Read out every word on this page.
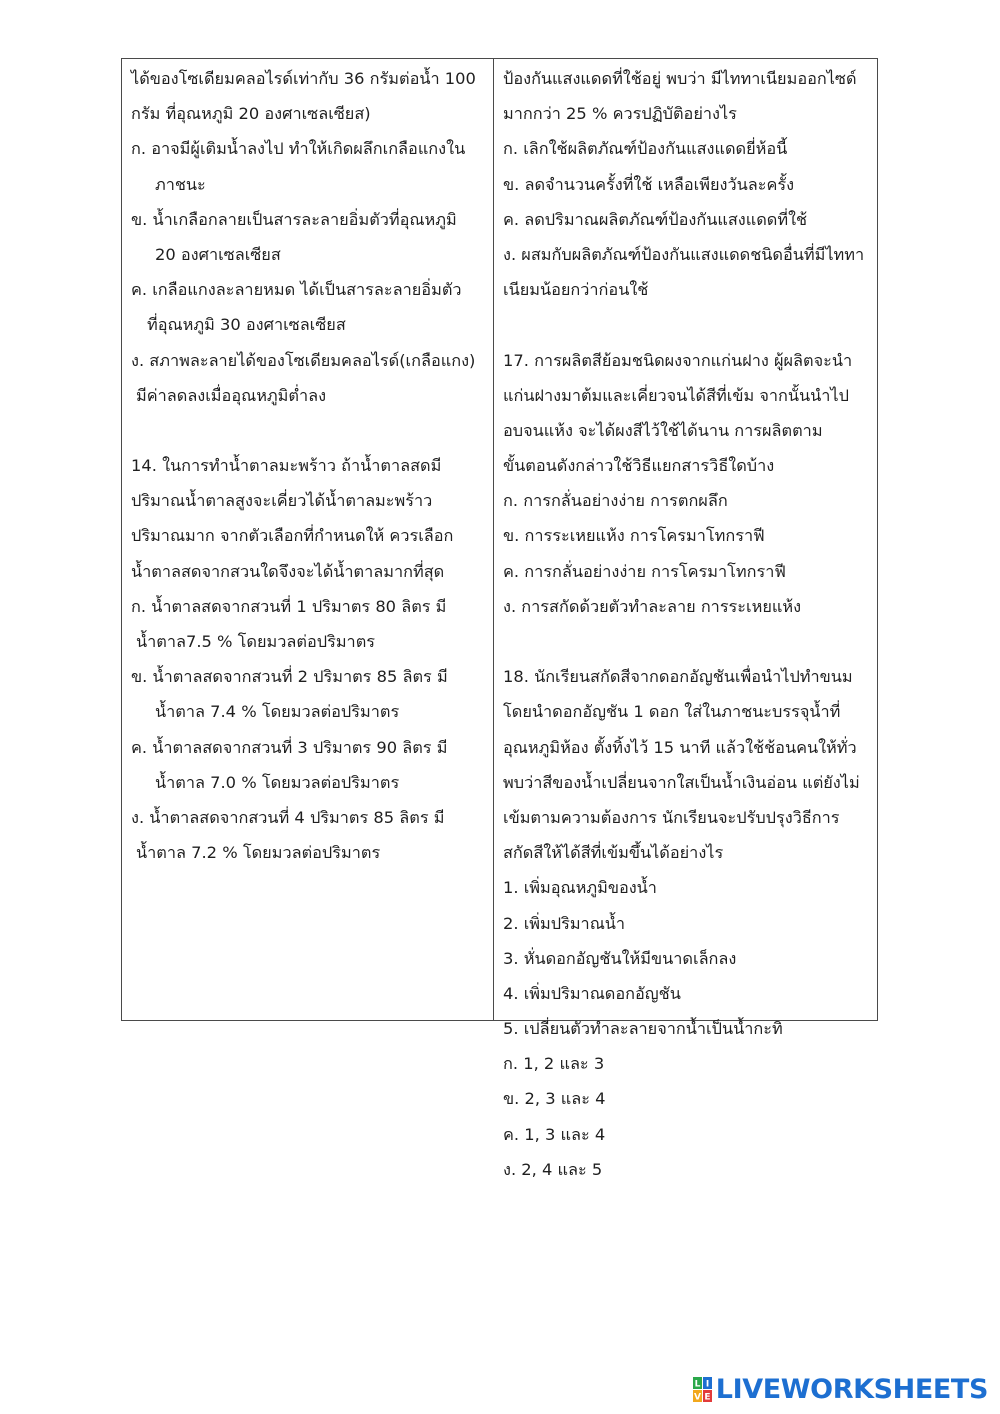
ได้ของโซเดียมคลอไรด์เท่ากับ 36 กรัมต่อน้ำ 100
กรัม ที่อุณหภูมิ 20 องศาเซลเซียส)
ก. อาจมีผู้เติมน้ำลงไป ทำให้เกิดผลึกเกลือแกงใน
ภาชนะ
ข. น้ำเกลือกลายเป็นสารละลายอิ่มตัวที่อุณหภูมิ
20 องศาเซลเซียส
ค. เกลือแกงละลายหมด ได้เป็นสารละลายอิ่มตัว
ที่อุณหภูมิ 30 องศาเซลเซียส
ง. สภาพละลายได้ของโซเดียมคลอไรด์(เกลือแกง)
มีค่าลดลงเมื่ออุณหภูมิต่ำลง
14. ในการทำน้ำตาลมะพร้าว ถ้าน้ำตาลสดมี
ปริมาณน้ำตาลสูงจะเคี่ยวได้น้ำตาลมะพร้าว
ปริมาณมาก จากตัวเลือกที่กำหนดให้ ควรเลือก
น้ำตาลสดจากสวนใดจึงจะได้น้ำตาลมากที่สุด
ก. น้ำตาลสดจากสวนที่ 1 ปริมาตร 80 ลิตร มี
น้ำตาล7.5 % โดยมวลต่อปริมาตร
ข. น้ำตาลสดจากสวนที่ 2 ปริมาตร 85 ลิตร มี
น้ำตาล 7.4 % โดยมวลต่อปริมาตร
ค. น้ำตาลสดจากสวนที่ 3 ปริมาตร 90 ลิตร มี
น้ำตาล 7.0 % โดยมวลต่อปริมาตร
ง. น้ำตาลสดจากสวนที่ 4 ปริมาตร 85 ลิตร มี
น้ำตาล 7.2 % โดยมวลต่อปริมาตร
ป้องกันแสงแดดที่ใช้อยู่ พบว่า มีไททาเนียมออกไซด์
มากกว่า 25 % ควรปฏิบัติอย่างไร
ก. เลิกใช้ผลิตภัณฑ์ป้องกันแสงแดดยี่ห้อนี้
ข. ลดจำนวนครั้งที่ใช้ เหลือเพียงวันละครั้ง
ค. ลดปริมาณผลิตภัณฑ์ป้องกันแสงแดดที่ใช้
ง. ผสมกับผลิตภัณฑ์ป้องกันแสงแดดชนิดอื่นที่มีไททา
เนียมน้อยกว่าก่อนใช้
17. การผลิตสีย้อมชนิดผงจากแก่นฝาง ผู้ผลิตจะนำ
แก่นฝางมาต้มและเคี่ยวจนได้สีที่เข้ม จากนั้นนำไป
อบจนแห้ง จะได้ผงสีไว้ใช้ได้นาน การผลิตตาม
ขั้นตอนดังกล่าวใช้วิธีแยกสารวิธีใดบ้าง
ก. การกลั่นอย่างง่าย การตกผลึก
ข. การระเหยแห้ง การโครมาโทกราฟี
ค. การกลั่นอย่างง่าย การโครมาโทกราฟี
ง. การสกัดด้วยตัวทำละลาย การระเหยแห้ง
18. นักเรียนสกัดสีจากดอกอัญชันเพื่อนำไปทำขนม
โดยนำดอกอัญชัน 1 ดอก ใส่ในภาชนะบรรจุน้ำที่
อุณหภูมิห้อง ตั้งทิ้งไว้ 15 นาที แล้วใช้ช้อนคนให้ทั่ว
พบว่าสีของน้ำเปลี่ยนจากใสเป็นน้ำเงินอ่อน แต่ยังไม่
เข้มตามความต้องการ นักเรียนจะปรับปรุงวิธีการ
สกัดสีให้ได้สีที่เข้มขึ้นได้อย่างไร
1. เพิ่มอุณหภูมิของน้ำ
2. เพิ่มปริมาณน้ำ
3. หั่นดอกอัญชันให้มีขนาดเล็กลง
4. เพิ่มปริมาณดอกอัญชัน
5. เปลี่ยนตัวทำละลายจากน้ำเป็นน้ำกะทิ
ก. 1, 2 และ 3
ข. 2, 3 และ 4
ค. 1, 3 และ 4
ง. 2, 4 และ 5
L I
V E LIVEWORKSHEETS
